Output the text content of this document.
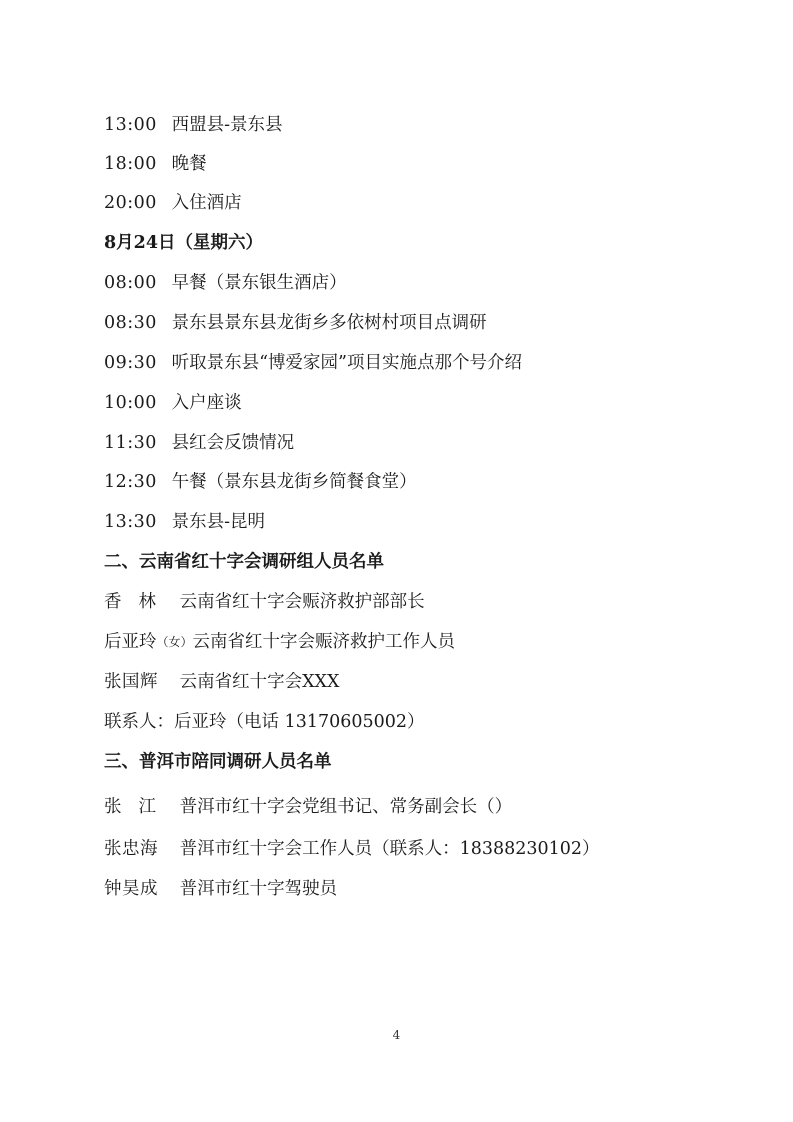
13:00 西盟县-景东县
18:00 晚餐
20:00 入住酒店
8月24日（星期六）
08:00 早餐（景东银生酒店）
08:30 景东县景东县龙街乡多依树村项目点调研
09:30 听取景东县“博爱家园”项目实施点那个号介绍
10:00 入户座谈
11:30 县红会反馈情况
12:30 午餐（景东县龙街乡简餐食堂）
13:30 景东县-昆明
二、云南省红十字会调研组人员名单
香林 云南省红十字会赈济救护部部长
后亚玲（女）云南省红十字会赈济救护工作人员
张国辉 云南省红十字会XXX
联系人：后亚玲（电话 13170605002）
三、普洱市陪同调研人员名单
张江 普洱市红十字会党组书记、常务副会长（）
张忠海 普洱市红十字会工作人员（联系人：18388230102）
钟昊成 普洱市红十字驾驶员
4
